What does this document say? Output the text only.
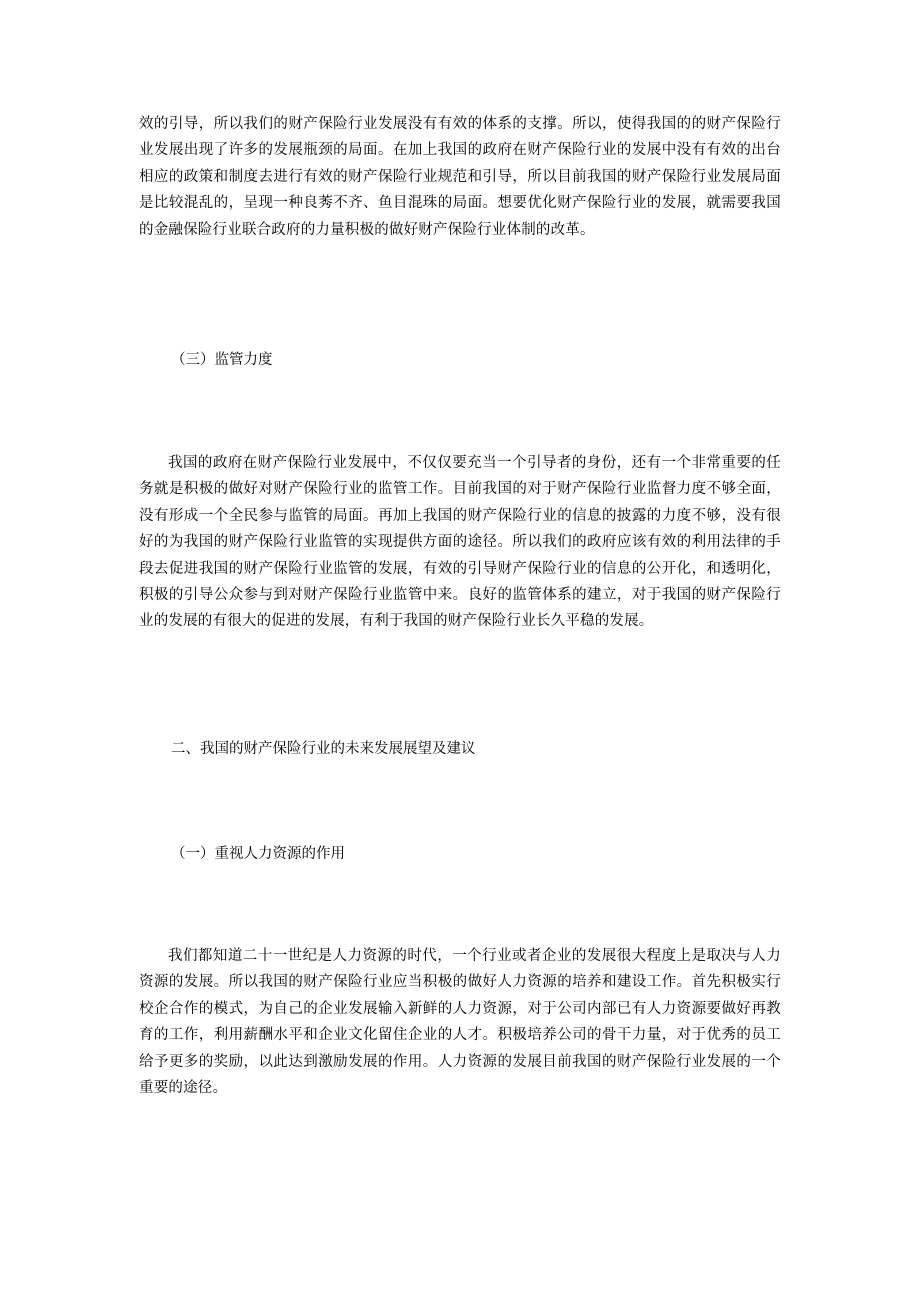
效的引导，所以我们的财产保险行业发展没有有效的体系的支撑。所以，使得我国的的财产保险行业发展出现了许多的发展瓶颈的局面。在加上我国的政府在财产保险行业的发展中没有有效的出台相应的政策和制度去进行有效的财产保险行业规范和引导，所以目前我国的财产保险行业发展局面是比较混乱的，呈现一种良莠不齐、鱼目混珠的局面。想要优化财产保险行业的发展，就需要我国的金融保险行业联合政府的力量积极的做好财产保险行业体制的改革。

（三）监管力度

我国的政府在财产保险行业发展中，不仅仅要充当一个引导者的身份，还有一个非常重要的任务就是积极的做好对财产保险行业的监管工作。目前我国的对于财产保险行业监督力度不够全面，没有形成一个全民参与监管的局面。再加上我国的财产保险行业的信息的披露的力度不够，没有很好的为我国的财产保险行业监管的实现提供方面的途径。所以我们的政府应该有效的利用法律的手段去促进我国的财产保险行业监管的发展，有效的引导财产保险行业的信息的公开化，和透明化，积极的引导公众参与到对财产保险行业监管中来。良好的监管体系的建立，对于我国的财产保险行业的发展的有很大的促进的发展，有利于我国的财产保险行业长久平稳的发展。

二、我国的财产保险行业的未来发展展望及建议

（一）重视人力资源的作用

我们都知道二十一世纪是人力资源的时代，一个行业或者企业的发展很大程度上是取决与人力资源的发展。所以我国的财产保险行业应当积极的做好人力资源的培养和建设工作。首先积极实行校企合作的模式，为自己的企业发展输入新鲜的人力资源，对于公司内部已有人力资源要做好再教育的工作，利用薪酬水平和企业文化留住企业的人才。积极培养公司的骨干力量，对于优秀的员工给予更多的奖励，以此达到激励发展的作用。人力资源的发展目前我国的财产保险行业发展的一个重要的途径。
